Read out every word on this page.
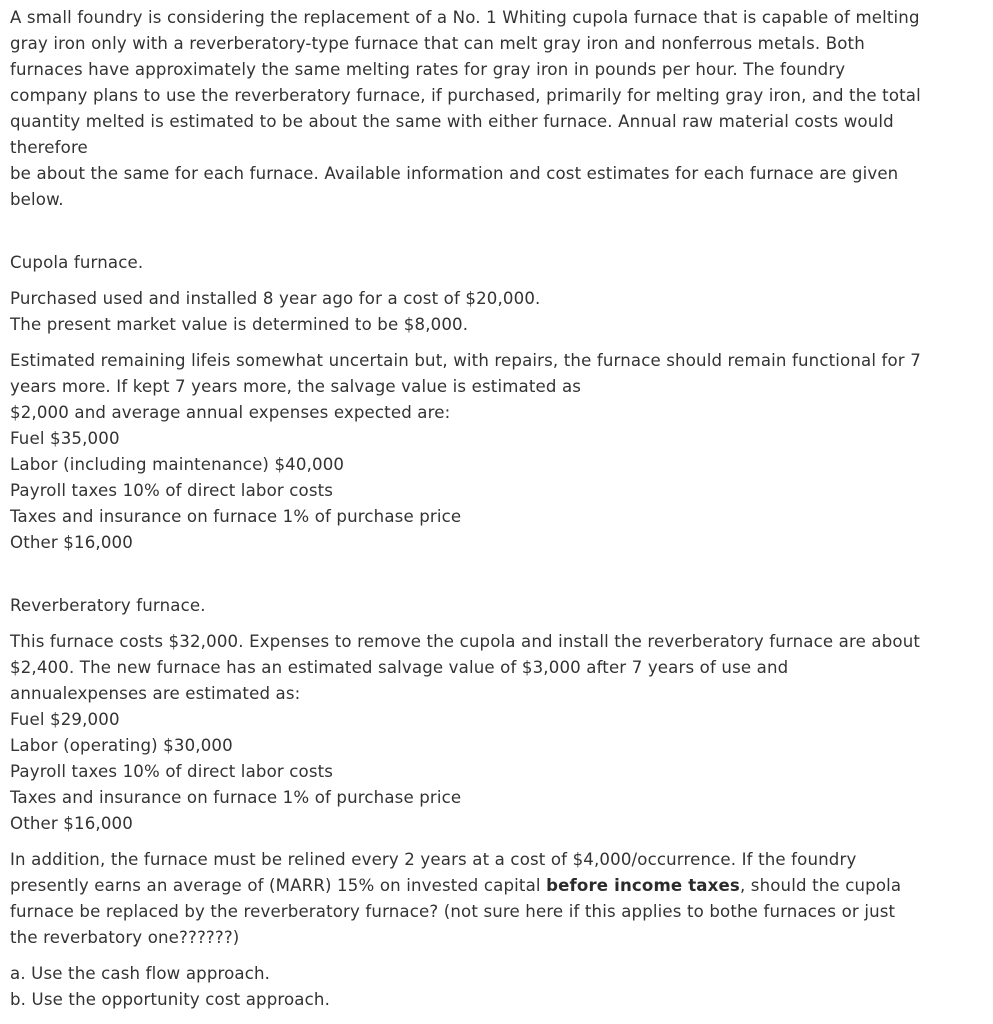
A small foundry is considering the replacement of a No. 1 Whiting cupola furnace that is capable of melting
gray iron only with a reverberatory-type furnace that can melt gray iron and nonferrous metals. Both
furnaces have approximately the same melting rates for gray iron in pounds per hour. The foundry
company plans to use the reverberatory furnace, if purchased, primarily for melting gray iron, and the total
quantity melted is estimated to be about the same with either furnace. Annual raw material costs would
therefore
be about the same for each furnace. Available information and cost estimates for each furnace are given
below.
Cupola furnace.
Purchased used and installed 8 year ago for a cost of $20,000.
The present market value is determined to be $8,000.
Estimated remaining lifeis somewhat uncertain but, with repairs, the furnace should remain functional for 7
years more. If kept 7 years more, the salvage value is estimated as
$2,000 and average annual expenses expected are:
Fuel $35,000
Labor (including maintenance) $40,000
Payroll taxes 10% of direct labor costs
Taxes and insurance on furnace 1% of purchase price
Other $16,000
Reverberatory furnace.
This furnace costs $32,000. Expenses to remove the cupola and install the reverberatory furnace are about
$2,400. The new furnace has an estimated salvage value of $3,000 after 7 years of use and
annualexpenses are estimated as:
Fuel $29,000
Labor (operating) $30,000
Payroll taxes 10% of direct labor costs
Taxes and insurance on furnace 1% of purchase price
Other $16,000
In addition, the furnace must be relined every 2 years at a cost of $4,000/occurrence. If the foundry
presently earns an average of (MARR) 15% on invested capital before income taxes, should the cupola
furnace be replaced by the reverberatory furnace? (not sure here if this applies to bothe furnaces or just
the reverbatory one??????)
a. Use the cash flow approach.
b. Use the opportunity cost approach.
